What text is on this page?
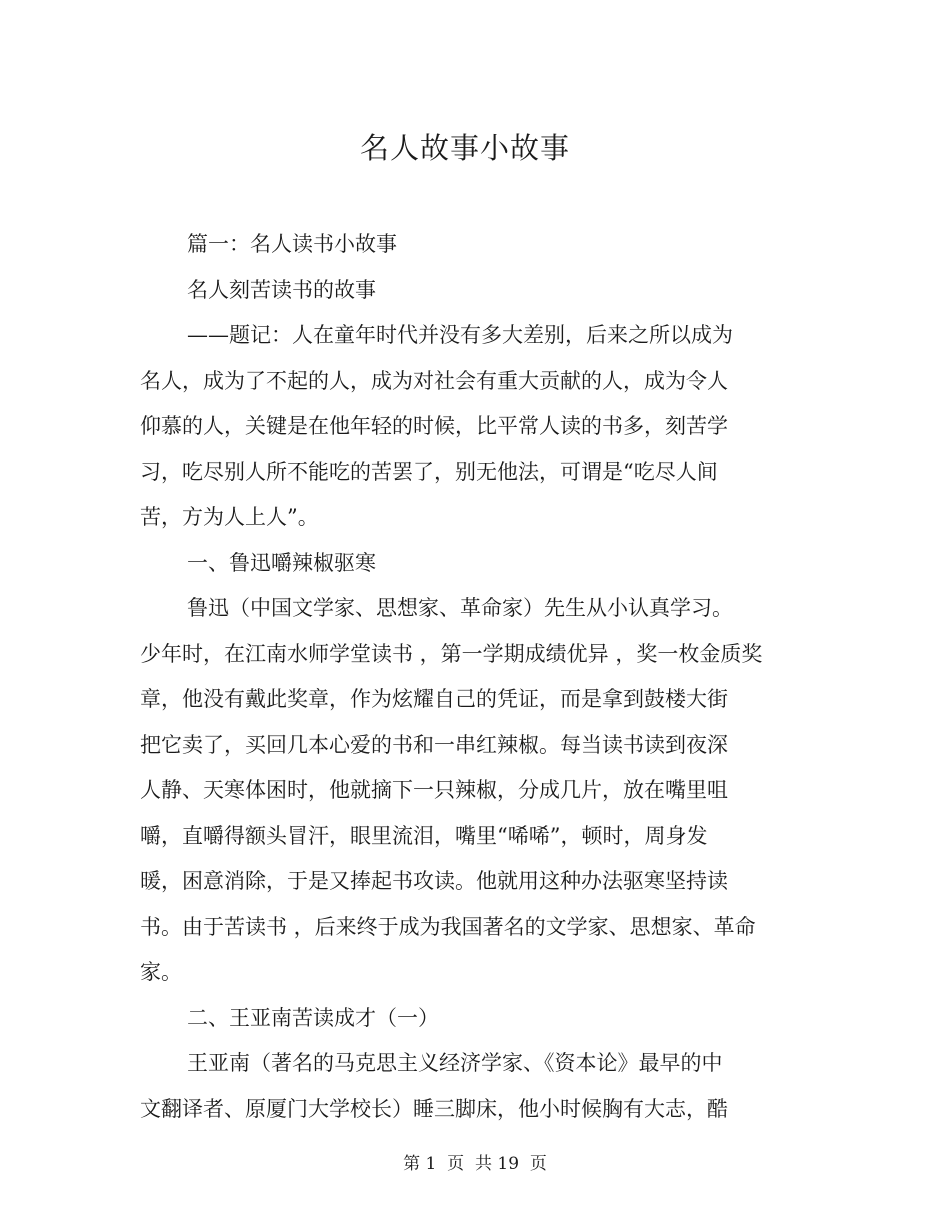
名人故事小故事
篇一：名人读书小故事
名人刻苦读书的故事
——题记：人在童年时代并没有多大差别，后来之所以成为
名人，成为了不起的人，成为对社会有重大贡献的人，成为令人
仰慕的人，关键是在他年轻的时候，比平常人读的书多，刻苦学
习，吃尽别人所不能吃的苦罢了，别无他法，可谓是“吃尽人间
苦，方为人上人”。
一、鲁迅嚼辣椒驱寒
鲁迅（中国文学家、思想家、革命家）先生从小认真学习。
少年时，在江南水师学堂读书 ，第一学期成绩优异 ，奖一枚金质奖
章，他没有戴此奖章，作为炫耀自己的凭证，而是拿到鼓楼大街
把它卖了，买回几本心爱的书和一串红辣椒。每当读书读到夜深
人静、天寒体困时，他就摘下一只辣椒，分成几片，放在嘴里咀
嚼，直嚼得额头冒汗，眼里流泪，嘴里“唏唏”，顿时，周身发
暖，困意消除，于是又捧起书攻读。他就用这种办法驱寒坚持读
书。由于苦读书 ，后来终于成为我国著名的文学家、思想家、革命
家。
二、王亚南苦读成才（一）
王亚南（著名的马克思主义经济学家、《资本论》最早的中
文翻译者、原厦门大学校长）睡三脚床，他小时候胸有大志，酷
第 1  页  共 19  页
